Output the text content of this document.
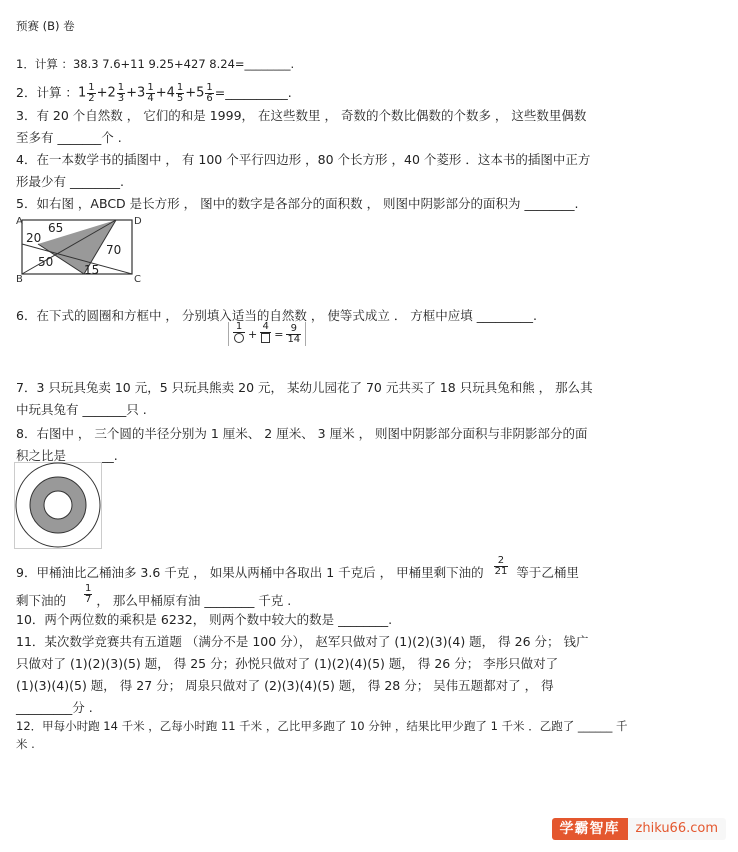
预赛 (B) 卷
1．计算 ：38.3 7.6+11 9.25+427 8.24=________.
2．计算 ： $1 \frac{1}{2} +2 \frac{1}{3} +3 \frac{1}{4} +4 \frac{1}{5} +5 \frac{1}{6}$ =__________.
3．有 20 个自然数 ， 它们的和是 1999， 在这些数里 ， 奇数的个数比偶数的个数多 ， 这些数里偶数
至多有 _______个 .
4．在一本数学书的插图中 ， 有 100 个平行四边形 ，80 个长方形 ，40 个菱形 ．这本书的插图中正方
形最少有 ________.
5．如右图 ，ABCD 是长方形 ， 图中的数字是各部分的面积数 ， 则图中阴影部分的面积为 ________.
A	D
B	C
65
20
70
50
15
6．在下式的圆圈和方框中 ， 分别填入适当的自然数 ， 使等式成立 ． 方框中应填 _________.
1
+
4
= $\frac{9}{14}$
7．3 只玩具兔卖 10 元，5 只玩具熊卖 20 元， 某幼儿园花了 70 元共买了 18 只玩具兔和熊 ， 那么其
中玩具兔有 _______只 .
8．右图中 ， 三个圆的半径分别为 1 厘米、 2 厘米、 3 厘米 ， 则图中阴影部分面积与非阴影部分的面
积之比是 _______.
9．甲桶油比乙桶油多 3.6 千克 ， 如果从两桶中各取出 1 千克后 ， 甲桶里剩下油的 $\frac{2}{21}$ 等于乙桶里
剩下油的 $\frac{1}{7}$ ， 那么甲桶原有油 ________ 千克 .
10．两个两位数的乘积是 6232， 则两个数中较大的数是 ________.
11．某次数学竞赛共有五道题 （满分不是 100 分）， 赵军只做对了 (1)(2)(3)(4) 题， 得 26 分； 钱广
只做对了 (1)(2)(3)(5) 题， 得 25 分；孙悦只做对了 (1)(2)(4)(5) 题， 得 26 分； 李彤只做对了
(1)(3)(4)(5) 题， 得 27 分； 周泉只做对了 (2)(3)(4)(5) 题， 得 28 分； 吴伟五题都对了 ， 得
_________分 .
12．甲每小时跑 14 千米 ，乙每小时跑 11 千米 ，乙比甲多跑了 10 分钟 ，结果比甲少跑了 1 千米 ．乙跑了 ______ 千
米 .
学霸智库	zhiku66.com
